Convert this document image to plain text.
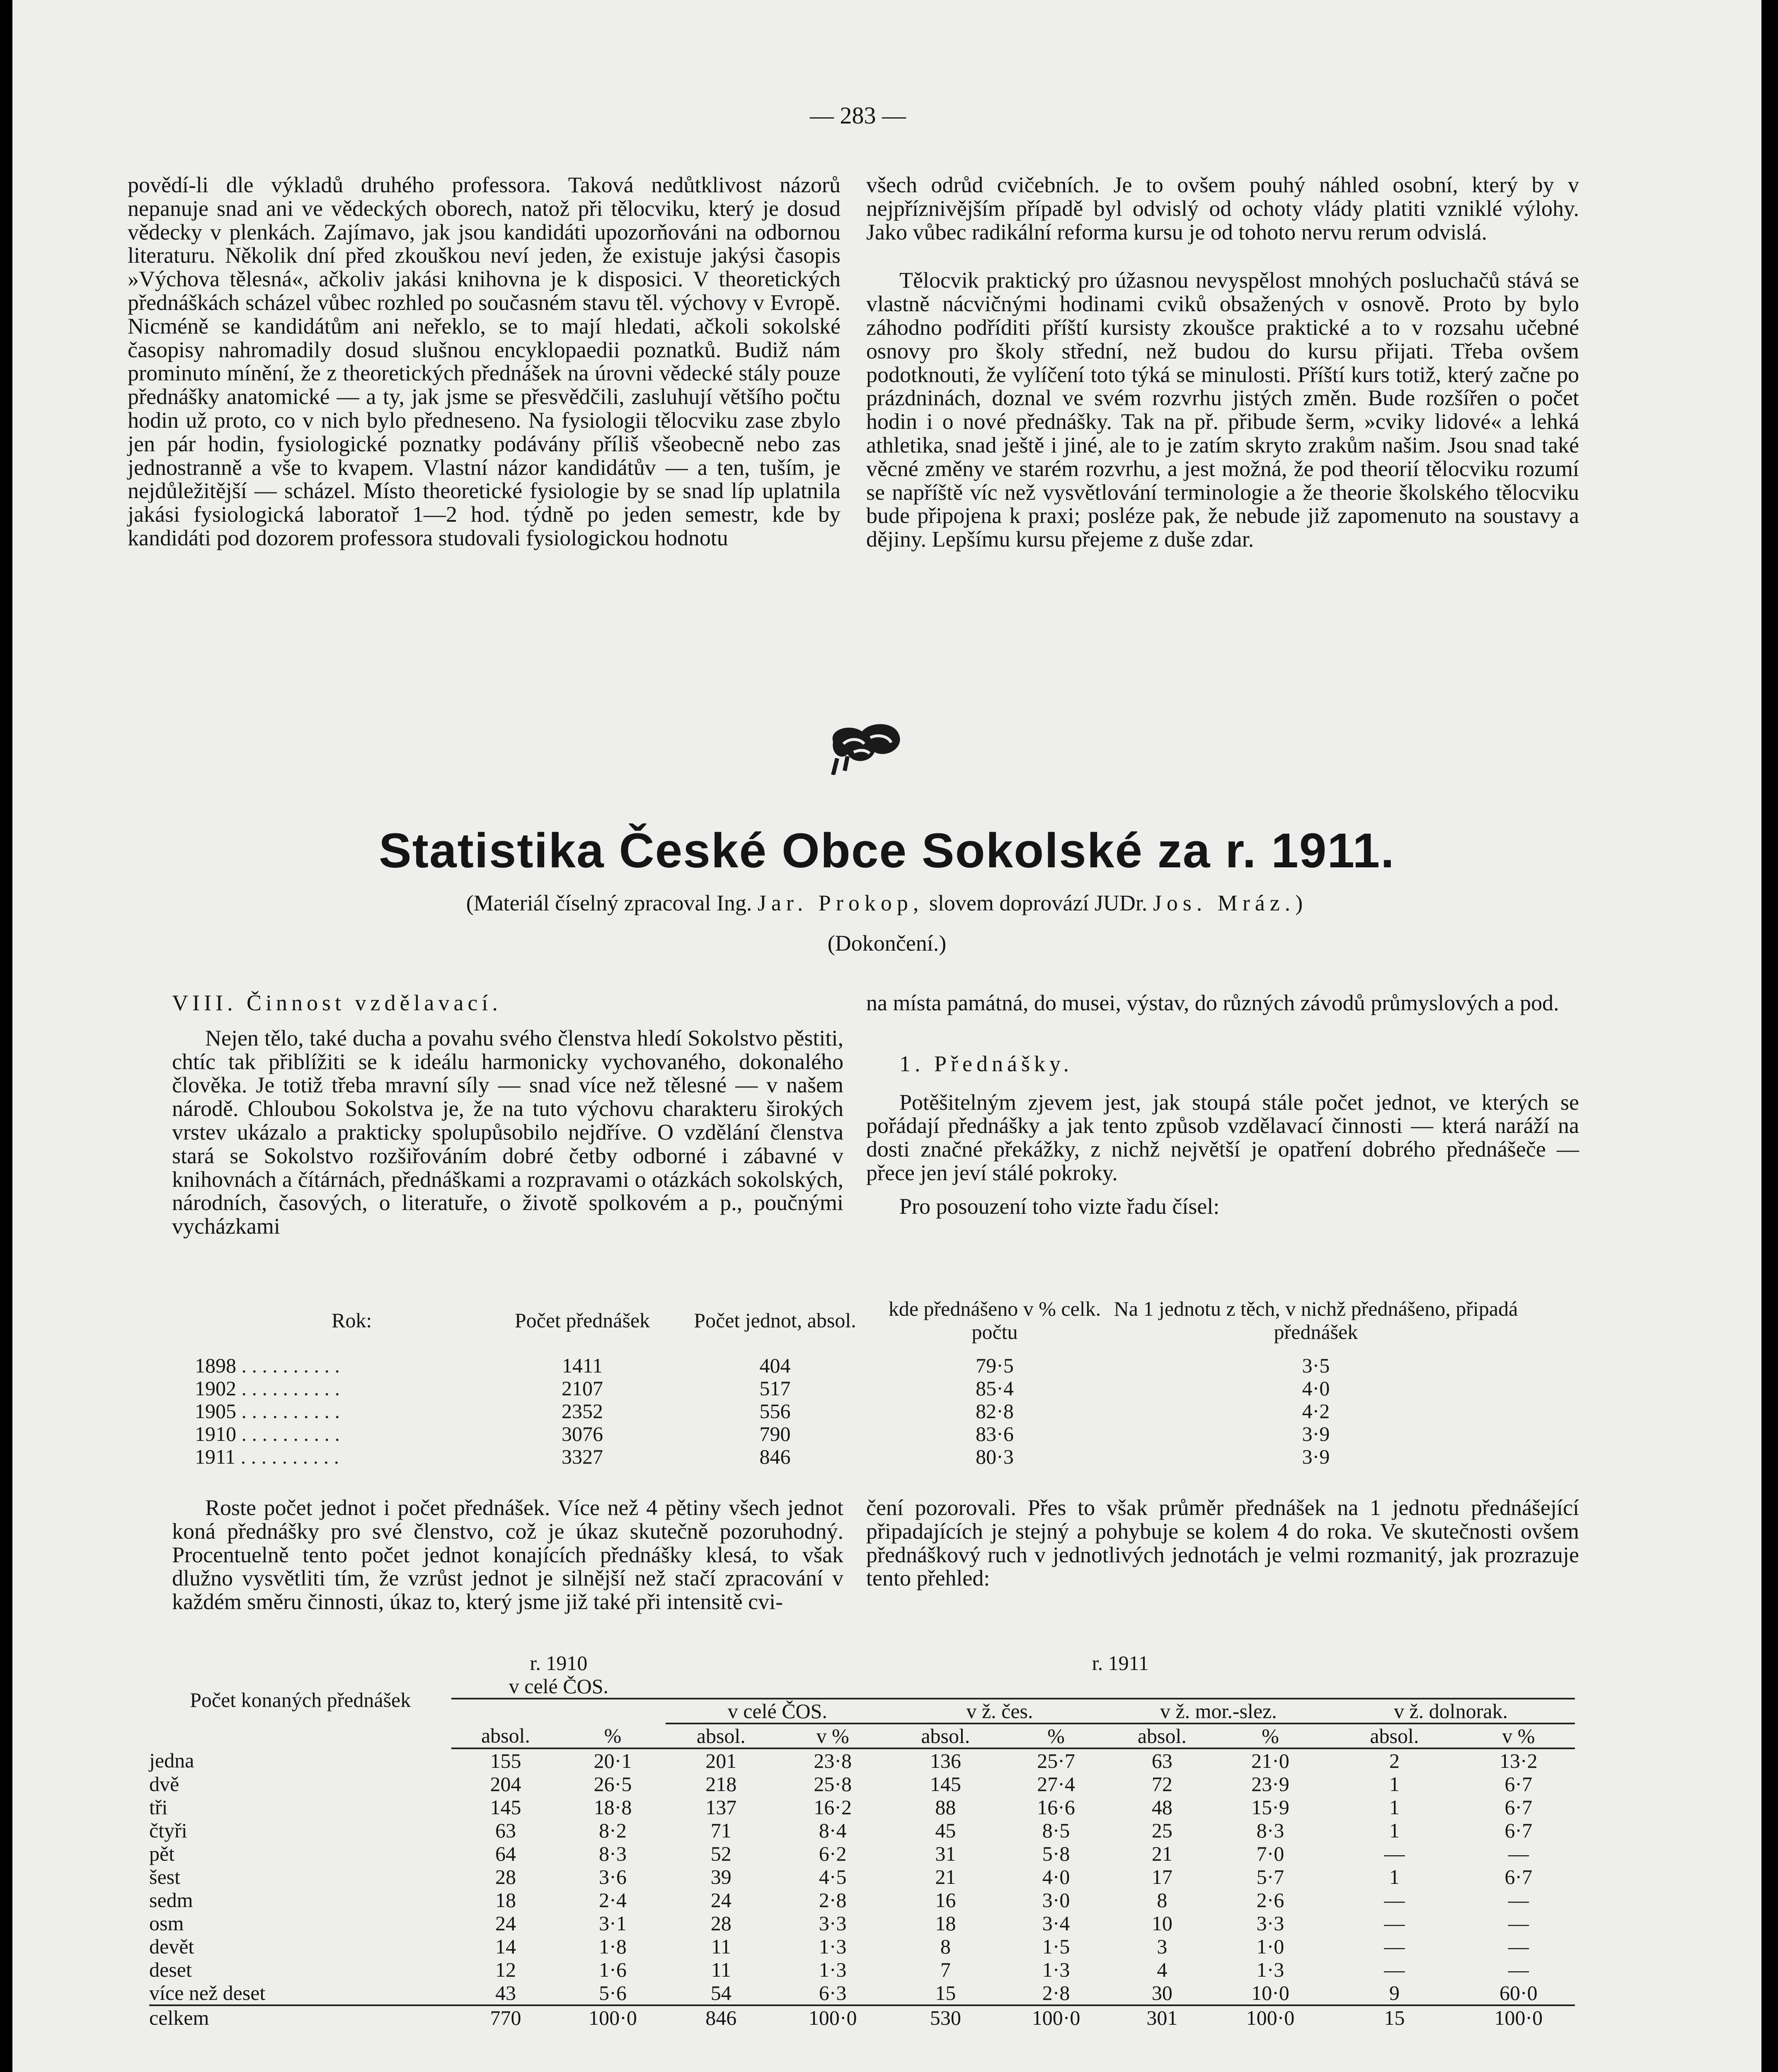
— 283 —

povědí-li dle výkladů druhého professora. Taková nedůtklivost názorů nepanuje snad ani ve vědeckých oborech, natož při tělocviku, který je dosud vědecky v plenkách. Zajímavo, jak jsou kandidáti upozorňováni na odbornou literaturu. Několik dní před zkouškou neví jeden, že existuje jakýsi časopis »Výchova tělesná«, ačkoliv jakási knihovna je k disposici. V theoretických přednáškách scházel vůbec rozhled po současném stavu těl. výchovy v Evropě. Nicméně se kandidátům ani neřeklo, se to mají hledati, ačkoli sokolské časopisy nahromadily dosud slušnou encyklopaedii poznatků. Budiž nám prominuto mínění, že z theoretických přednášek na úrovni vědecké stály pouze přednášky anatomické — a ty, jak jsme se přesvědčili, zasluhují většího počtu hodin už proto, co v nich bylo předneseno. Na fysiologii tělocviku zase zbylo jen pár hodin, fysiologické poznatky podávány příliš všeobecně nebo zas jednostranně a vše to kvapem. Vlastní názor kandidátův — a ten, tuším, je nejdůležitější — scházel. Místo theoretické fysiologie by se snad líp uplatnila jakási fysiologická laboratoř 1—2 hod. týdně po jeden semestr, kde by kandidáti pod dozorem professora studovali fysiologickou hodnotu

všech odrůd cvičebních. Je to ovšem pouhý náhled osobní, který by v nejpříznivějším případě byl odvislý od ochoty vlády platiti vzniklé výlohy. Jako vůbec radikální reforma kursu je od tohoto nervu rerum odvislá.

Tělocvik praktický pro úžasnou nevyspělost mnohých posluchačů stává se vlastně nácvičnými hodinami cviků obsažených v osnově. Proto by bylo záhodno podříditi příští kursisty zkoušce praktické a to v rozsahu učebné osnovy pro školy střední, než budou do kursu přijati. Třeba ovšem podotknouti, že vylíčení toto týká se minulosti. Příští kurs totiž, který začne po prázdninách, doznal ve svém rozvrhu jistých změn. Bude rozšířen o počet hodin i o nové přednášky. Tak na př. přibude šerm, »cviky lidové« a lehká athletika, snad ještě i jiné, ale to je zatím skryto zrakům našim. Jsou snad také věcné změny ve starém rozvrhu, a jest možná, že pod theorií tělocviku rozumí se napříště víc než vysvětlování terminologie a že theorie školského tělocviku bude připojena k praxi; posléze pak, že nebude již zapomenuto na soustavy a dějiny. Lepšímu kursu přejeme z duše zdar.

Statistika České Obce Sokolské za r. 1911.
(Materiál číselný zpracoval Ing. Jar. Prokop, slovem doprovází JUDr. Jos. Mráz.)
(Dokončení.)

VIII. Činnost vzdělavací.

Nejen tělo, také ducha a povahu svého členstva hledí Sokolstvo pěstiti, chtíc tak přiblížiti se k ideálu harmonicky vychovaného, dokonalého člověka. Je totiž třeba mravní síly — snad více než tělesné — v našem národě. Chloubou Sokolstva je, že na tuto výchovu charakteru širokých vrstev ukázalo a prakticky spolupůsobilo nejdříve. O vzdělání členstva stará se Sokolstvo rozšiřováním dobré četby odborné i zábavné v knihovnách a čítárnách, přednáškami a rozpravami o otázkách sokolských, národních, časových, o literatuře, o životě spolkovém a p., poučnými vycházkami

na místa památná, do musei, výstav, do různých závodů průmyslových a pod.

1. Přednášky.

Potěšitelným zjevem jest, jak stoupá stále počet jednot, ve kterých se pořádají přednášky a jak tento způsob vzdělavací činnosti — která naráží na dosti značné překážky, z nichž největší je opatření dobrého přednášeče — přece jen jeví stálé pokroky.

Pro posouzení toho vizte řadu čísel:

Rok:	Počet přednášek	Počet jednot, absol.	kde přednášeno v % celk. počtu	Na 1 jednotu z těch, v nichž přednášeno, připadá přednášek

1898 . . . . . . . . . .	1411	404	79·5	3·5
1902 . . . . . . . . . .	2107	517	85·4	4·0
1905 . . . . . . . . . .	2352	556	82·8	4·2
1910 . . . . . . . . . .	3076	790	83·6	3·9
1911 . . . . . . . . . .	3327	846	80·3	3·9

Roste počet jednot i počet přednášek. Více než 4 pětiny všech jednot koná přednášky pro své členstvo, což je úkaz skutečně pozoruhodný. Procentuelně tento počet jednot konajících přednášky klesá, to však dlužno vysvětliti tím, že vzrůst jednot je silnější než stačí zpracování v každém směru činnosti, úkaz to, který jsme již také při intensitě cvi-

čení pozorovali. Přes to však průměr přednášek na 1 jednotu přednášející připadajících je stejný a pohybuje se kolem 4 do roka. Ve skutečnosti ovšem přednáškový ruch v jednotlivých jednotách je velmi rozmanitý, jak prozrazuje tento přehled:

Počet konaných přednášek	r. 1910
v celé ČOS.		r. 1911							
			v celé ČOS.		v ž. čes.		v ž. mor.-slez.		v ž. dolnorak.	
	absol.	%	absol.	v %	absol.	%	absol.	%	absol.	v %
jedna	155	20·1	201	23·8	136	25·7	63	21·0	2	13·2
dvě	204	26·5	218	25·8	145	27·4	72	23·9	1	6·7
tři	145	18·8	137	16·2	88	16·6	48	15·9	1	6·7
čtyři	63	8·2	71	8·4	45	8·5	25	8·3	1	6·7
pět	64	8·3	52	6·2	31	5·8	21	7·0	—	—
šest	28	3·6	39	4·5	21	4·0	17	5·7	1	6·7
sedm	18	2·4	24	2·8	16	3·0	8	2·6	—	—
osm	24	3·1	28	3·3	18	3·4	10	3·3	—	—
devět	14	1·8	11	1·3	8	1·5	3	1·0	—	—
deset	12	1·6	11	1·3	7	1·3	4	1·3	—	—
více než deset	43	5·6	54	6·3	15	2·8	30	10·0	9	60·0
celkem	770	100·0	846	100·0	530	100·0	301	100·0	15	100·0
